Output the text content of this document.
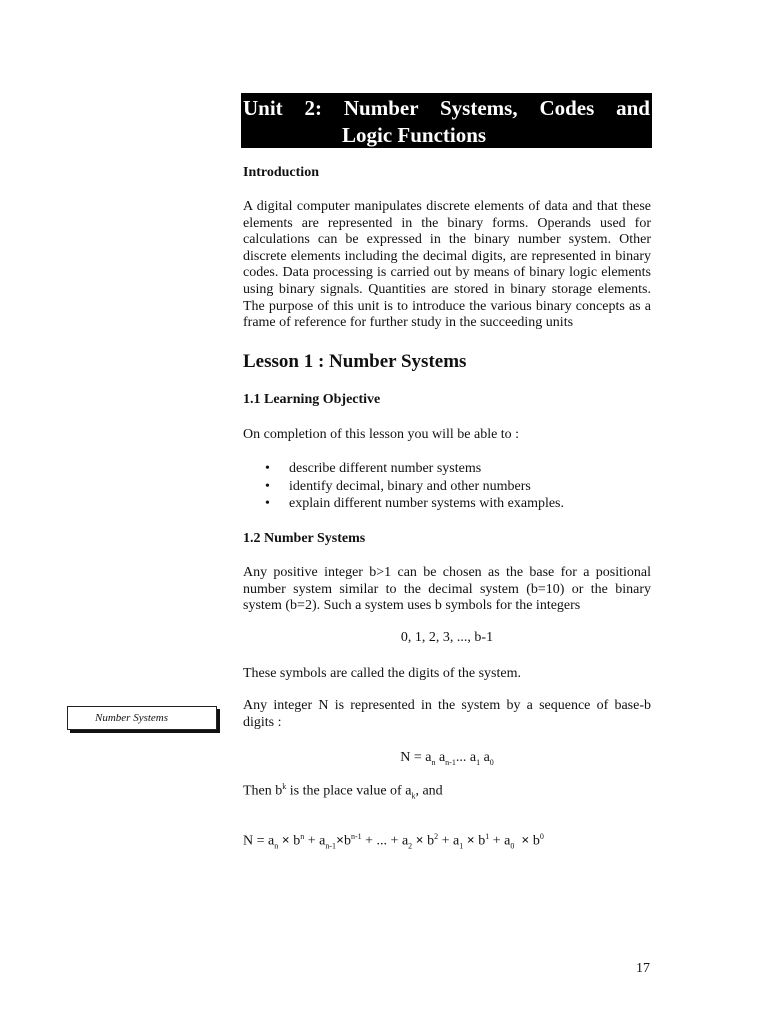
Unit 2: Number Systems, Codes and
Logic Functions
Introduction
A digital computer manipulates discrete elements of data and that these elements are represented in the binary forms. Operands used for calculations can be expressed in the binary number system. Other discrete elements including the decimal digits, are represented in binary codes. Data processing is carried out by means of binary logic elements using binary signals. Quantities are stored in binary storage elements. The purpose of this unit is to introduce the various binary concepts as a frame of reference for further study in the succeeding units
Lesson 1 : Number Systems
1.1 Learning Objective
On completion of this lesson you will be able to :
• describe different number systems
• identify decimal, binary and other numbers
• explain different number systems with examples.
1.2 Number Systems
Any positive integer b>1 can be chosen as the base for a positional number system similar to the decimal system (b=10) or the binary system (b=2). Such a system uses b symbols for the integers
0, 1, 2, 3, ..., b-1
These symbols are called the digits of the system.
Any integer N is represented in the system by a sequence of base-b digits :
Number Systems
$N = a_n$ $a_{n-1}$... $a_1$ $a_0$
Then $b^k$ is the place value of $a_k$, and
$N = a_n \times b^n + a_{n-1}\times b^{n-1}$ + ... + $a_2 \times b^2 + a_1 \times b^1 + a_0 \times b^0$
17
